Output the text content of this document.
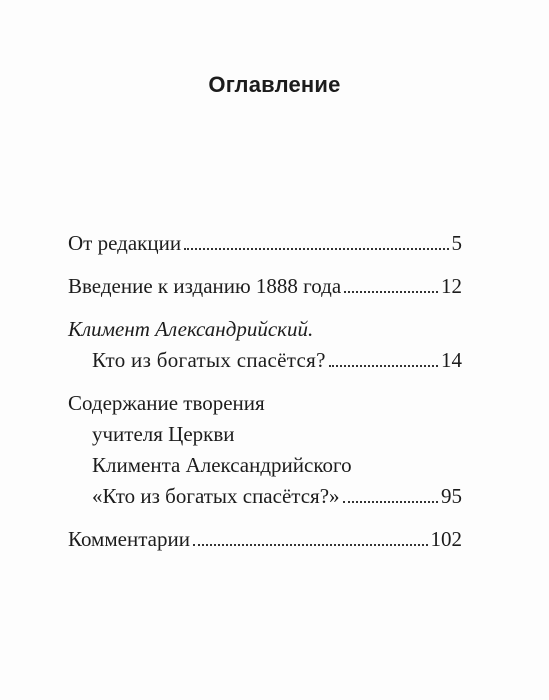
Оглавление
От редакции	5
Введение к изданию 1888 года	12
Климент Александрийский.
Кто из богатых спасётся?	14
Содержание творения
учителя Церкви
Климента Александрийского
«Кто из богатых спасётся?»	95
Комментарии	102
